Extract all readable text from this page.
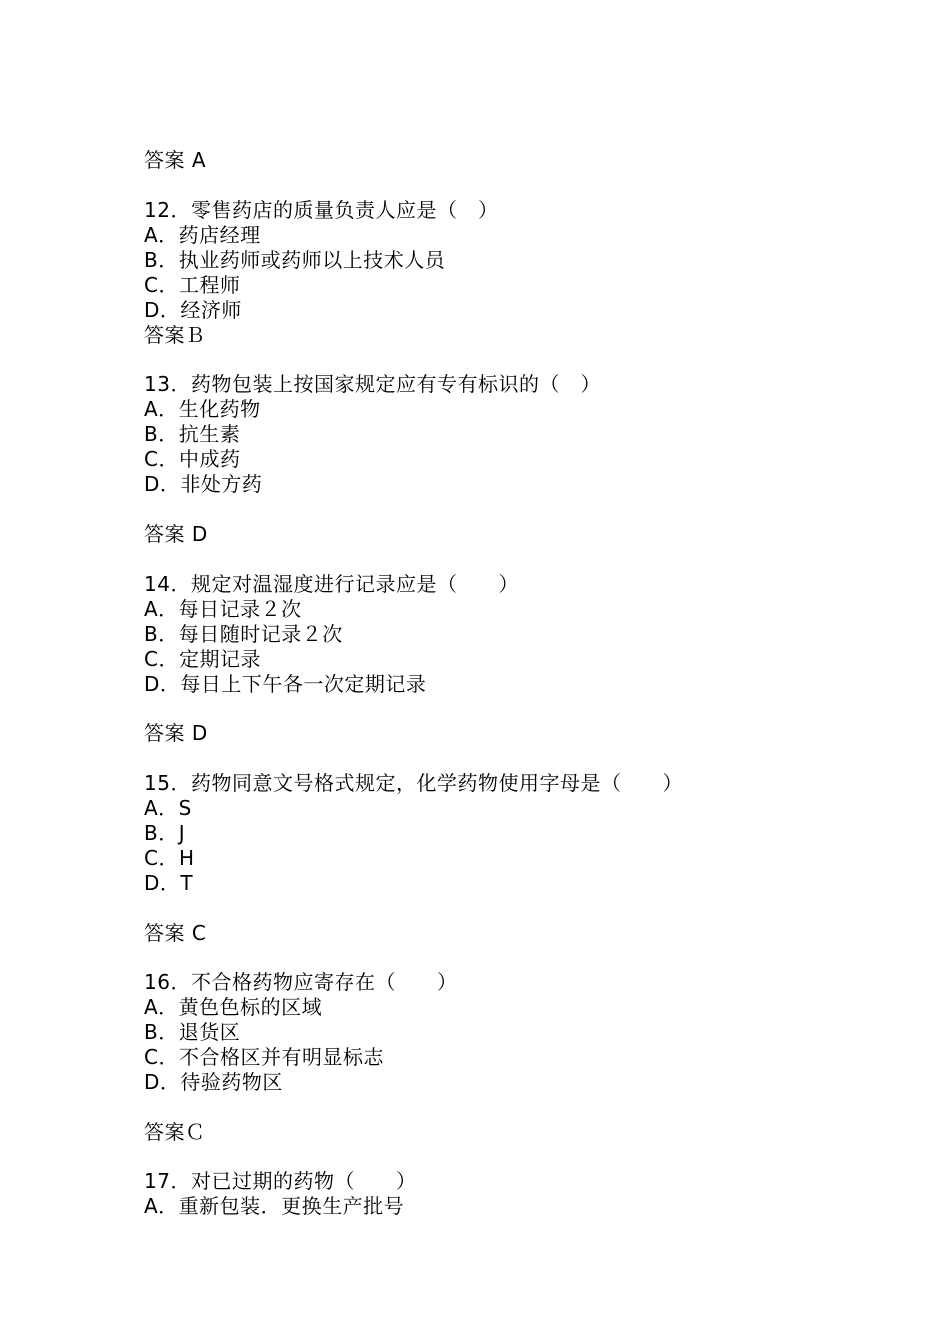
答案 A
12．零售药店的质量负责人应是（　）
A．药店经理
B．执业药师或药师以上技术人员
C．工程师
D．经济师
答案Ｂ
13．药物包装上按国家规定应有专有标识的（　）
A．生化药物
B．抗生素
C．中成药
D．非处方药
答案 D
14．规定对温湿度进行记录应是（　　）
A．每日记录２次
B．每日随时记录２次
C．定期记录
D．每日上下午各一次定期记录
答案 D
15．药物同意文号格式规定，化学药物使用字母是（　　）
A．S
B．J
C．H
D．T
答案 C
16．不合格药物应寄存在（　　）
A．黄色色标的区域
B．退货区
C．不合格区并有明显标志
D．待验药物区
答案Ｃ
17．对已过期的药物（　　）
A．重新包装．更换生产批号
